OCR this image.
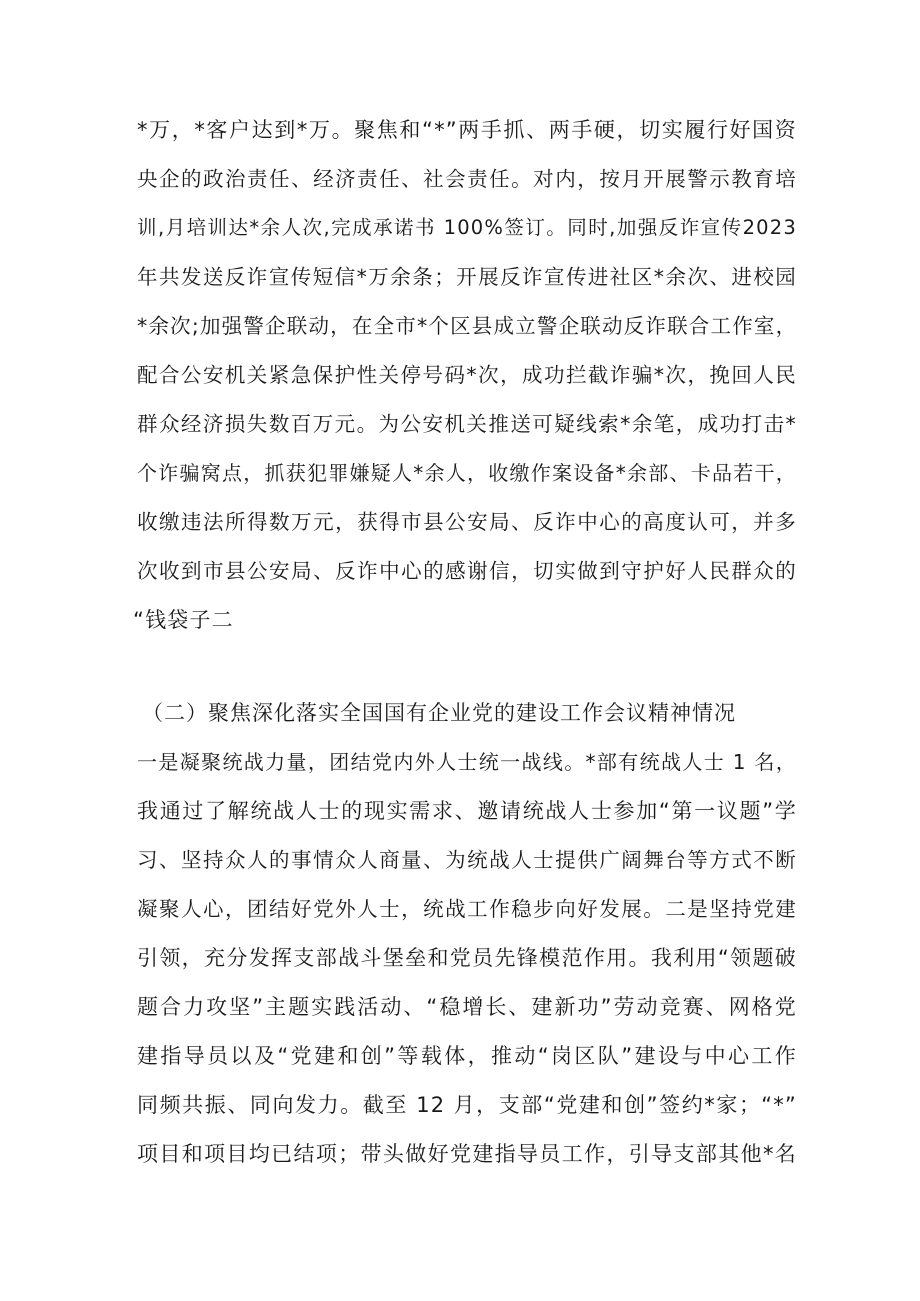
*万，*客户达到*万。聚焦和“*”两手抓、两手硬，切实履行好国资
央企的政治责任、经济责任、社会责任。对内，按月开展警示教育培
训,月培训达*余人次,完成承诺书 100%签订。同时,加强反诈宣传2023
年共发送反诈宣传短信*万余条；开展反诈宣传进社区*余次、进校园
*余次;加强警企联动，在全市*个区县成立警企联动反诈联合工作室，
配合公安机关紧急保护性关停号码*次，成功拦截诈骗*次，挽回人民
群众经济损失数百万元。为公安机关推送可疑线索*余笔，成功打击*
个诈骗窝点，抓获犯罪嫌疑人*余人，收缴作案设备*余部、卡品若干，
收缴违法所得数万元，获得市县公安局、反诈中心的高度认可，并多
次收到市县公安局、反诈中心的感谢信，切实做到守护好人民群众的
“钱袋子二
（二）聚焦深化落实全国国有企业党的建设工作会议精神情况
一是凝聚统战力量，团结党内外人士统一战线。*部有统战人士 1 名，
我通过了解统战人士的现实需求、邀请统战人士参加“第一议题”学
习、坚持众人的事情众人商量、为统战人士提供广阔舞台等方式不断
凝聚人心，团结好党外人士，统战工作稳步向好发展。二是坚持党建
引领，充分发挥支部战斗堡垒和党员先锋模范作用。我利用“领题破
题合力攻坚”主题实践活动、“稳增长、建新功”劳动竞赛、网格党
建指导员以及“党建和创”等载体，推动“岗区队”建设与中心工作
同频共振、同向发力。截至 12 月，支部“党建和创”签约*家；“*”
项目和项目均已结项；带头做好党建指导员工作，引导支部其他*名
